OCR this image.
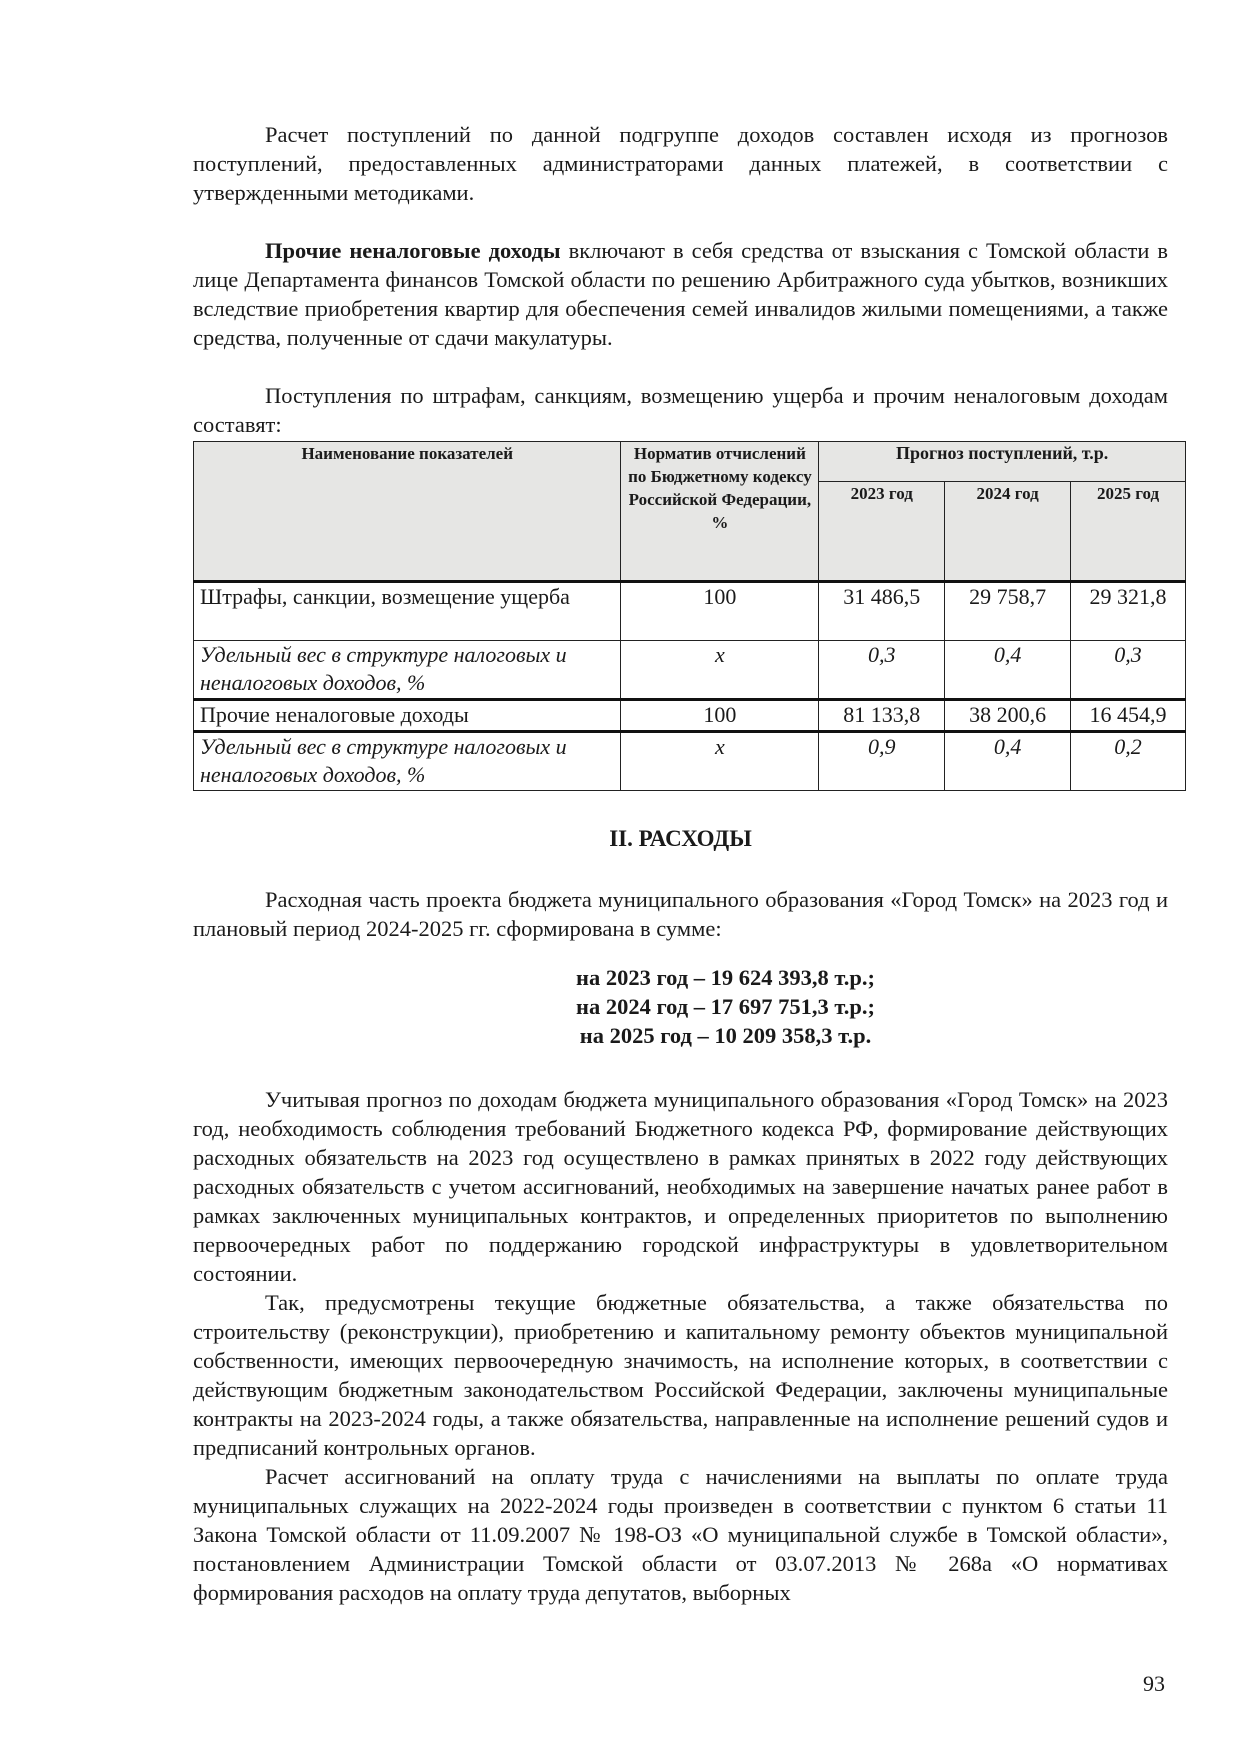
Расчет поступлений по данной подгруппе доходов составлен исходя из прогнозов поступлений, предоставленных администраторами данных платежей, в соответствии с утвержденными методиками.

Прочие неналоговые доходы включают в себя средства от взыскания с Томской области в лице Департамента финансов Томской области по решению Арбитражного суда убытков, возникших вследствие приобретения квартир для обеспечения семей инвалидов жилыми помещениями, а также средства, полученные от сдачи макулатуры.

Поступления по штрафам, санкциям, возмещению ущерба и прочим неналоговым доходам составят:

Наименование показателей	Норматив отчислений по Бюджетному кодексу Российской Федерации, %	Прогноз поступлений, т.р.		
		2023 год	2024 год	2025 год
Штрафы, санкции, возмещение ущерба	100	31 486,5	29 758,7	29 321,8
Удельный вес в структуре налоговых и неналоговых доходов, %	х	0,3	0,4	0,3
Прочие неналоговые доходы	100	81 133,8	38 200,6	16 454,9
Удельный вес в структуре налоговых и неналоговых доходов, %	х	0,9	0,4	0,2
II. РАСХОДЫ

Расходная часть проекта бюджета муниципального образования «Город Томск» на 2023 год и плановый период 2024-2025 гг. сформирована в сумме:

на 2023 год – 19 624 393,8 т.р.;
на 2024 год – 17 697 751,3 т.р.;
на 2025 год – 10 209 358,3 т.р.

Учитывая прогноз по доходам бюджета муниципального образования «Город Томск» на 2023 год, необходимость соблюдения требований Бюджетного кодекса РФ, формирование действующих расходных обязательств на 2023 год осуществлено в рамках принятых в 2022 году действующих расходных обязательств с учетом ассигнований, необходимых на завершение начатых ранее работ в рамках заключенных муниципальных контрактов, и определенных приоритетов по выполнению первоочередных работ по поддержанию городской инфраструктуры в удовлетворительном состоянии.

Так, предусмотрены текущие бюджетные обязательства, а также обязательства по строительству (реконструкции), приобретению и капитальному ремонту объектов муниципальной собственности, имеющих первоочередную значимость, на исполнение которых, в соответствии с действующим бюджетным законодательством Российской Федерации, заключены муниципальные контракты на 2023-2024 годы, а также обязательства, направленные на исполнение решений судов и предписаний контрольных органов.

Расчет ассигнований на оплату труда с начислениями на выплаты по оплате труда муниципальных служащих на 2022-2024 годы произведен в соответствии с пунктом 6 статьи 11 Закона Томской области от 11.09.2007 № 198-ОЗ «О муниципальной службе в Томской области», постановлением Администрации Томской области от 03.07.2013 № 268а «О нормативах формирования расходов на оплату труда депутатов, выборных

93
